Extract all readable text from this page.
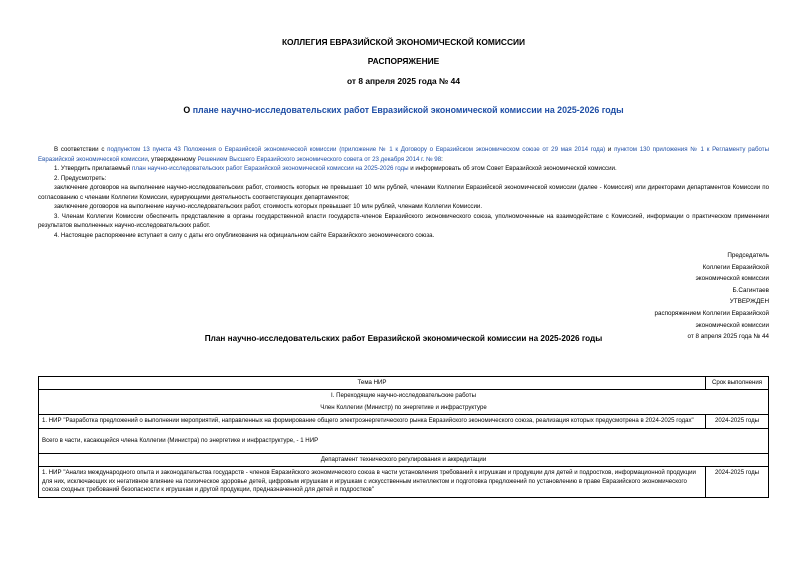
КОЛЛЕГИЯ ЕВРАЗИЙСКОЙ ЭКОНОМИЧЕСКОЙ КОМИССИИ
РАСПОРЯЖЕНИЕ
от 8 апреля 2025 года № 44
О плане научно-исследовательских работ Евразийской экономической комиссии на 2025-2026 годы

В соответствии с подпунктом 13 пункта 43 Положения о Евразийской экономической комиссии (приложение № 1 к Договору о Евразийском экономическом союзе от 29 мая 2014 года) и пунктом 130 приложения № 1 к Регламенту работы Евразийской экономической комиссии, утвержденному Решением Высшего Евразийского экономического совета от 23 декабря 2014 г. № 98:

1. Утвердить прилагаемый план научно-исследовательских работ Евразийской экономической комиссии на 2025-2026 годы и информировать об этом Совет Евразийской экономической комиссии.

2. Предусмотреть:

заключение договоров на выполнение научно-исследовательских работ, стоимость которых не превышает 10 млн рублей, членами Коллегии Евразийской экономической комиссии (далее - Комиссия) или директорами департаментов Комиссии по согласованию с членами Коллегии Комиссии, курирующими деятельность соответствующих департаментов;

заключение договоров на выполнение научно-исследовательских работ, стоимость которых превышает 10 млн рублей, членами Коллегии Комиссии.

3. Членам Коллегии Комиссии обеспечить представление в органы государственной власти государств-членов Евразийского экономического союза, уполномоченные на взаимодействие с Комиссией, информации о практическом применении результатов выполненных научно-исследовательских работ.

4. Настоящее распоряжение вступает в силу с даты его опубликования на официальном сайте Евразийского экономического союза.

Председатель
Коллегии Евразийской
экономической комиссии
Б.Сагинтаев
УТВЕРЖДЕН
распоряжением Коллегии Евразийской
экономической комиссии
от 8 апреля 2025 года № 44
План научно-исследовательских работ Евразийской экономической комиссии на 2025-2026 годы
Тема НИР	Срок выполнения

I. Переходящие научно-исследовательские работы
Член Коллегии (Министр) по энергетике и инфраструктуре	

1. НИР "Разработка предложений о выполнении мероприятий, направленных на формирование общего электроэнергетического рынка Евразийского экономического союза, реализация которых предусмотрена в 2024-2025 годах"	2024-2025 годы
Всего в части, касающейся члена Коллегии (Министра) по энергетике и инфраструктуре, - 1 НИР	
Департамент технического регулирования и аккредитации	
1. НИР "Анализ международного опыта и законодательства государств - членов Евразийского экономического союза в части установления требований к игрушкам и продукции для детей и подростков, информационной продукции для них, исключающих их негативное влияние на психическое здоровье детей, цифровым игрушкам и игрушкам с искусственным интеллектом и подготовка предложений по установлению в праве Евразийского экономического союза сходных требований безопасности к игрушкам и другой продукции, предназначенной для детей и подростков"	2024-2025 годы
